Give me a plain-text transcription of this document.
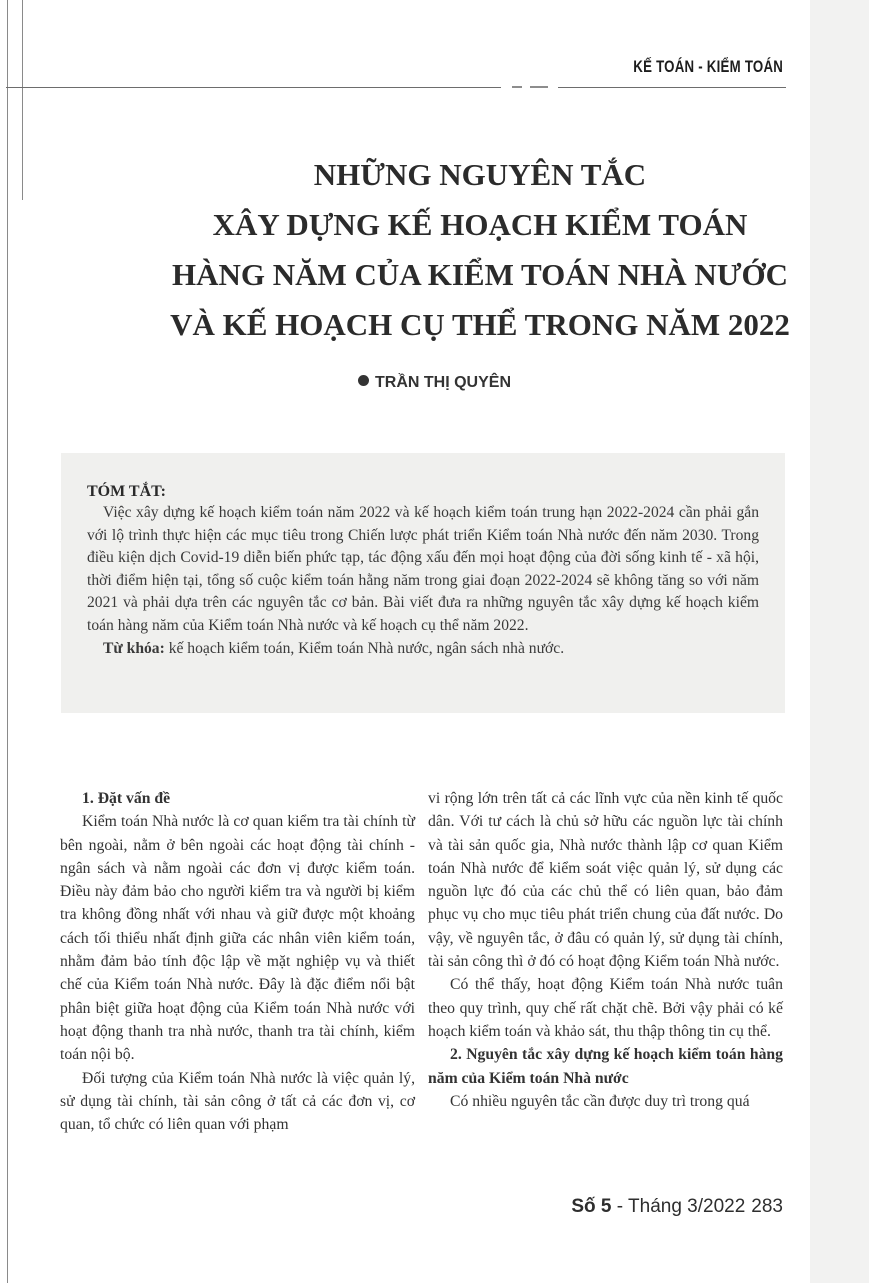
KẾ TOÁN - KIỂM TOÁN
NHỮNG NGUYÊN TẮC
XÂY DỰNG KẾ HOẠCH KIỂM TOÁN
HÀNG NĂM CỦA KIỂM TOÁN NHÀ NƯỚC
VÀ KẾ HOẠCH CỤ THỂ TRONG NĂM 2022
TRẦN THỊ QUYÊN
TÓM TẮT:

Việc xây dựng kế hoạch kiểm toán năm 2022 và kế hoạch kiểm toán trung hạn 2022-2024 cần phải gắn với lộ trình thực hiện các mục tiêu trong Chiến lược phát triển Kiểm toán Nhà nước đến năm 2030. Trong điều kiện dịch Covid-19 diễn biến phức tạp, tác động xấu đến mọi hoạt động của đời sống kinh tế - xã hội, thời điểm hiện tại, tổng số cuộc kiểm toán hằng năm trong giai đoạn 2022-2024 sẽ không tăng so với năm 2021 và phải dựa trên các nguyên tắc cơ bản. Bài viết đưa ra những nguyên tắc xây dựng kế hoạch kiểm toán hàng năm của Kiểm toán Nhà nước và kế hoạch cụ thể năm 2022.

Từ khóa: kế hoạch kiểm toán, Kiểm toán Nhà nước, ngân sách nhà nước.

1. Đặt vấn đề

Kiểm toán Nhà nước là cơ quan kiểm tra tài chính từ bên ngoài, nằm ở bên ngoài các hoạt động tài chính - ngân sách và nằm ngoài các đơn vị được kiểm toán. Điều này đảm bảo cho người kiểm tra và người bị kiểm tra không đồng nhất với nhau và giữ được một khoảng cách tối thiểu nhất định giữa các nhân viên kiểm toán, nhằm đảm bảo tính độc lập về mặt nghiệp vụ và thiết chế của Kiểm toán Nhà nước. Đây là đặc điểm nổi bật phân biệt giữa hoạt động của Kiểm toán Nhà nước với hoạt động thanh tra nhà nước, thanh tra tài chính, kiểm toán nội bộ.

Đối tượng của Kiểm toán Nhà nước là việc quản lý, sử dụng tài chính, tài sản công ở tất cả các đơn vị, cơ quan, tổ chức có liên quan với phạm

vi rộng lớn trên tất cả các lĩnh vực của nền kinh tế quốc dân. Với tư cách là chủ sở hữu các nguồn lực tài chính và tài sản quốc gia, Nhà nước thành lập cơ quan Kiểm toán Nhà nước để kiểm soát việc quản lý, sử dụng các nguồn lực đó của các chủ thể có liên quan, bảo đảm phục vụ cho mục tiêu phát triển chung của đất nước. Do vậy, về nguyên tắc, ở đâu có quản lý, sử dụng tài chính, tài sản công thì ở đó có hoạt động Kiểm toán Nhà nước.

Có thể thấy, hoạt động Kiểm toán Nhà nước tuân theo quy trình, quy chế rất chặt chẽ. Bởi vậy phải có kế hoạch kiểm toán và khảo sát, thu thập thông tin cụ thể.

2. Nguyên tắc xây dựng kế hoạch kiểm toán hàng năm của Kiểm toán Nhà nước

Có nhiều nguyên tắc cần được duy trì trong quá

Số 5 - Tháng 3/2022 283
